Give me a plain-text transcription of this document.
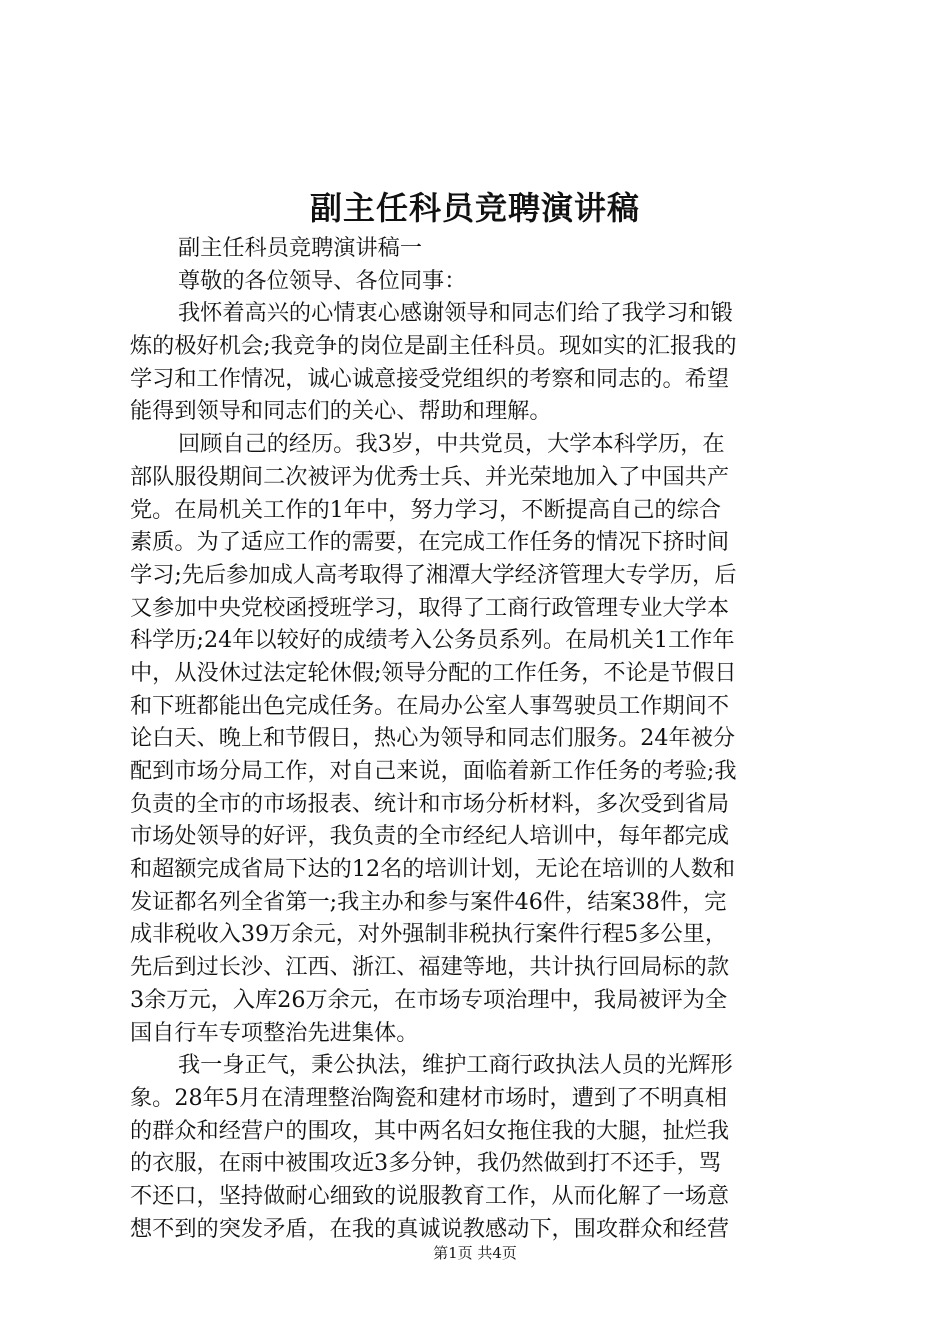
副主任科员竞聘演讲稿
副主任科员竞聘演讲稿一
尊敬的各位领导、各位同事：
我怀着高兴的心情衷心感谢领导和同志们给了我学习和锻
炼的极好机会;我竞争的岗位是副主任科员。现如实的汇报我的
学习和工作情况，诚心诚意接受党组织的考察和同志的。希望
能得到领导和同志们的关心、帮助和理解。
回顾自己的经历。我3岁，中共党员，大学本科学历，在
部队服役期间二次被评为优秀士兵、并光荣地加入了中国共产
党。在局机关工作的1年中，努力学习，不断提高自己的综合
素质。为了适应工作的需要，在完成工作任务的情况下挤时间
学习;先后参加成人高考取得了湘潭大学经济管理大专学历，后
又参加中央党校函授班学习，取得了工商行政管理专业大学本
科学历;24年以较好的成绩考入公务员系列。在局机关1工作年
中，从没休过法定轮休假;领导分配的工作任务，不论是节假日
和下班都能出色完成任务。在局办公室人事驾驶员工作期间不
论白天、晚上和节假日，热心为领导和同志们服务。24年被分
配到市场分局工作，对自己来说，面临着新工作任务的考验;我
负责的全市的市场报表、统计和市场分析材料，多次受到省局
市场处领导的好评，我负责的全市经纪人培训中，每年都完成
和超额完成省局下达的12名的培训计划，无论在培训的人数和
发证都名列全省第一;我主办和参与案件46件，结案38件，完
成非税收入39万余元，对外强制非税执行案件行程5多公里，
先后到过长沙、江西、浙江、福建等地，共计执行回局标的款
3余万元，入库26万余元，在市场专项治理中，我局被评为全
国自行车专项整治先进集体。
我一身正气，秉公执法，维护工商行政执法人员的光辉形
象。28年5月在清理整治陶瓷和建材市场时，遭到了不明真相
的群众和经营户的围攻，其中两名妇女拖住我的大腿，扯烂我
的衣服，在雨中被围攻近3多分钟，我仍然做到打不还手，骂
不还口，坚持做耐心细致的说服教育工作，从而化解了一场意
想不到的突发矛盾，在我的真诚说教感动下，围攻群众和经营
第1页 共4页
